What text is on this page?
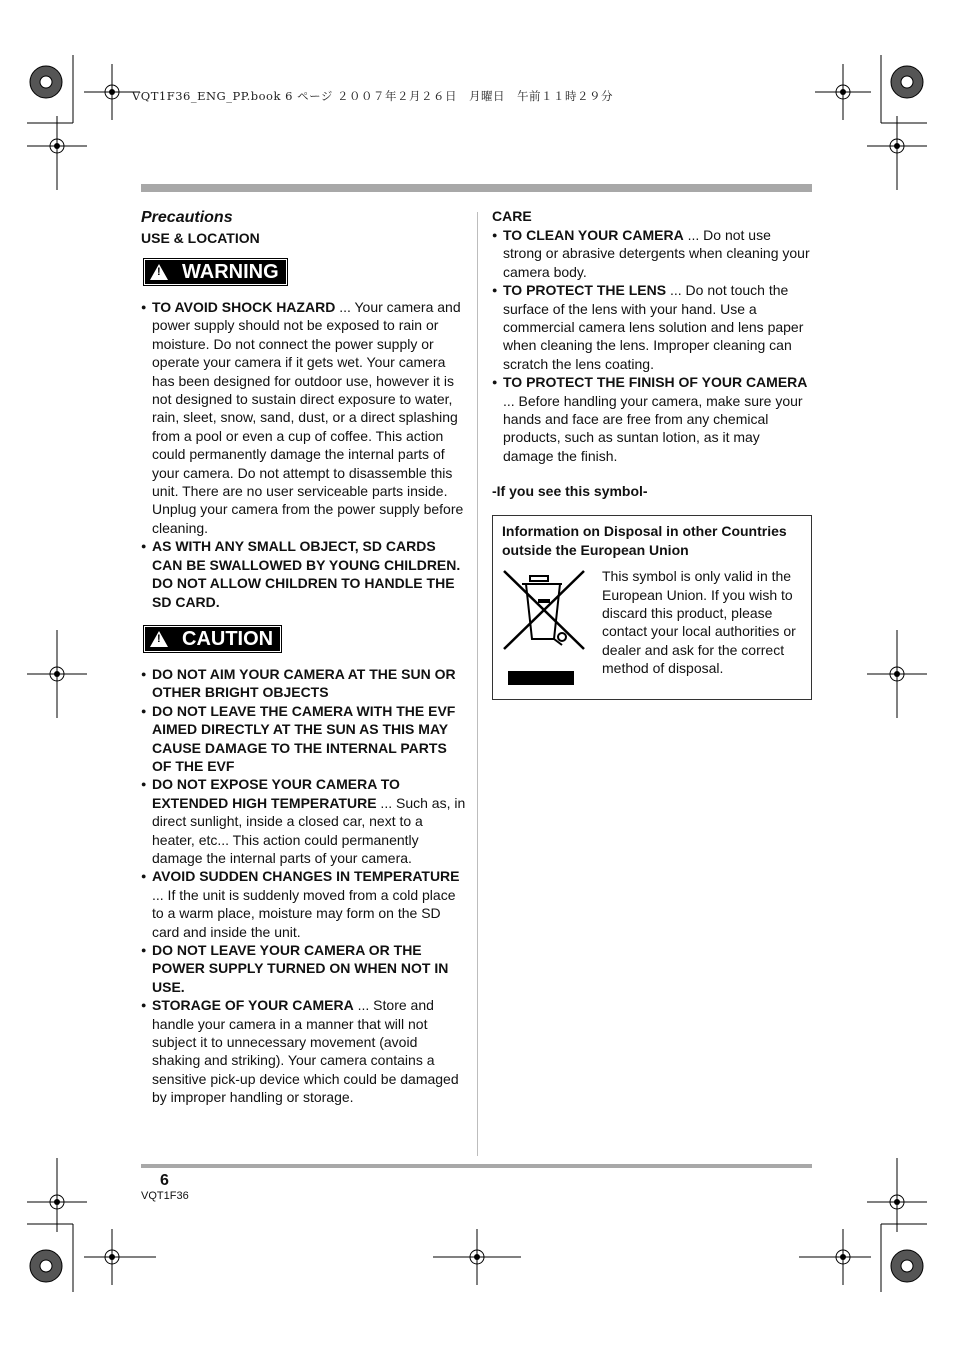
VQT1F36_ENG_PP.book 6 ページ ２００７年２月２６日　月曜日　午前１１時２９分

Precautions

USE & LOCATION

! WARNING
● TO AVOID SHOCK HAZARD ... Your camera and power supply should not be exposed to rain or moisture. Do not connect the power supply or operate your camera if it gets wet. Your camera has been designed for outdoor use, however it is not designed to sustain direct exposure to water, rain, sleet, snow, sand, dust, or a direct splashing from a pool or even a cup of coffee. This action could permanently damage the internal parts of your camera. Do not attempt to disassemble this unit. There are no user serviceable parts inside. Unplug your camera from the power supply before cleaning.
● AS WITH ANY SMALL OBJECT, SD CARDS CAN BE SWALLOWED BY YOUNG CHILDREN. DO NOT ALLOW CHILDREN TO HANDLE THE SD CARD.
! CAUTION
● DO NOT AIM YOUR CAMERA AT THE SUN OR OTHER BRIGHT OBJECTS
● DO NOT LEAVE THE CAMERA WITH THE EVF AIMED DIRECTLY AT THE SUN AS THIS MAY CAUSE DAMAGE TO THE INTERNAL PARTS OF THE EVF
● DO NOT EXPOSE YOUR CAMERA TO EXTENDED HIGH TEMPERATURE ... Such as, in direct sunlight, inside a closed car, next to a heater, etc... This action could permanently damage the internal parts of your camera.
● AVOID SUDDEN CHANGES IN TEMPERATURE ... If the unit is suddenly moved from a cold place to a warm place, moisture may form on the SD card and inside the unit.
● DO NOT LEAVE YOUR CAMERA OR THE POWER SUPPLY TURNED ON WHEN NOT IN USE.
● STORAGE OF YOUR CAMERA ... Store and handle your camera in a manner that will not subject it to unnecessary movement (avoid shaking and striking). Your camera contains a sensitive pick-up device which could be damaged by improper handling or storage.

CARE

● TO CLEAN YOUR CAMERA ... Do not use strong or abrasive detergents when cleaning your camera body.
● TO PROTECT THE LENS ... Do not touch the surface of the lens with your hand. Use a commercial camera lens solution and lens paper when cleaning the lens. Improper cleaning can scratch the lens coating.
● TO PROTECT THE FINISH OF YOUR CAMERA ... Before handling your camera, make sure your hands and face are free from any chemical products, such as suntan lotion, as it may damage the finish.

-If you see this symbol-

Information on Disposal in other Countries outside the European Union

This symbol is only valid in the European Union. If you wish to discard this product, please contact your local authorities or dealer and ask for the correct method of disposal.
6
VQT1F36
